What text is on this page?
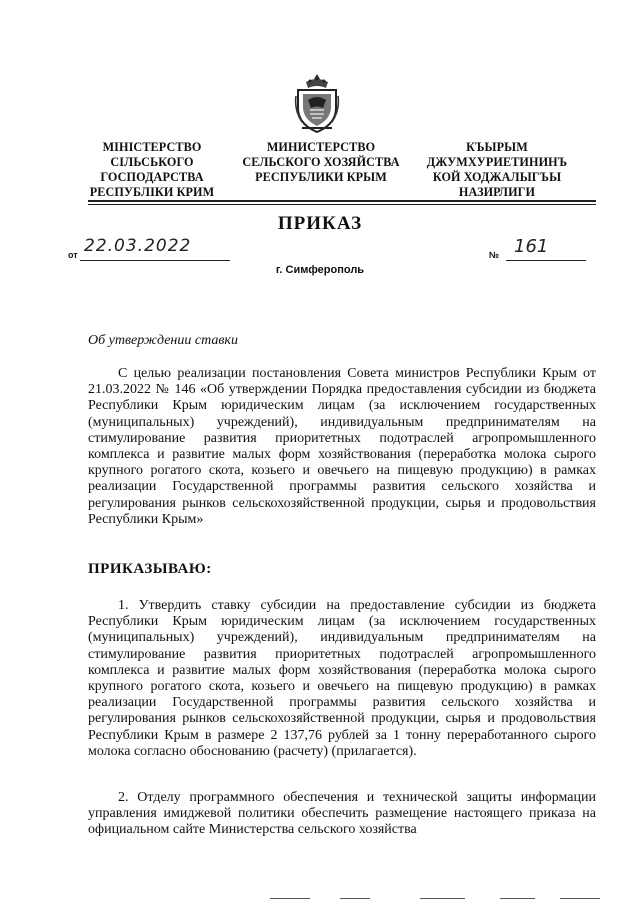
МІНІСТЕРСТВО
СІЛЬСЬКОГО
ГОСПОДАРСТВА
РЕСПУБЛІКИ КРИМ
МИНИСТЕРСТВО
СЕЛЬСКОГО ХОЗЯЙСТВА
РЕСПУБЛИКИ КРЫМ
КЪЫРЫМ
ДЖУМХУРИЕТИНИНЪ
КОЙ ХОДЖАЛЫГЪЫ
НАЗИРЛИГИ
ПРИКАЗ
от 22.03.2022	№ 161
г. Симферополь
Об утверждении ставки
С целью реализации постановления Совета министров Республики Крым от 21.03.2022 № 146 «Об утверждении Порядка предоставления субсидии из бюджета Республики Крым юридическим лицам (за исключением государственных (муниципальных) учреждений), индивидуальным предпринимателям на стимулирование развития приоритетных подотраслей агропромышленного комплекса и развитие малых форм хозяйствования (переработка молока сырого крупного рогатого скота, козьего и овечьего на пищевую продукцию) в рамках реализации Государственной программы развития сельского хозяйства и регулирования рынков сельскохозяйственной продукции, сырья и продовольствия Республики Крым»
ПРИКАЗЫВАЮ:
1. Утвердить ставку субсидии на предоставление субсидии из бюджета Республики Крым юридическим лицам (за исключением государственных (муниципальных) учреждений), индивидуальным предпринимателям на стимулирование развития приоритетных подотраслей агропромышленного комплекса и развитие малых форм хозяйствования (переработка молока сырого крупного рогатого скота, козьего и овечьего на пищевую продукцию) в рамках реализации Государственной программы развития сельского хозяйства и регулирования рынков сельскохозяйственной продукции, сырья и продовольствия Республики Крым в размере 2 137,76 рублей за 1 тонну переработанного сырого молока согласно обоснованию (расчету) (прилагается).
2. Отделу программного обеспечения и технической защиты информации управления имиджевой политики обеспечить размещение настоящего приказа на официальном сайте Министерства сельского хозяйства
